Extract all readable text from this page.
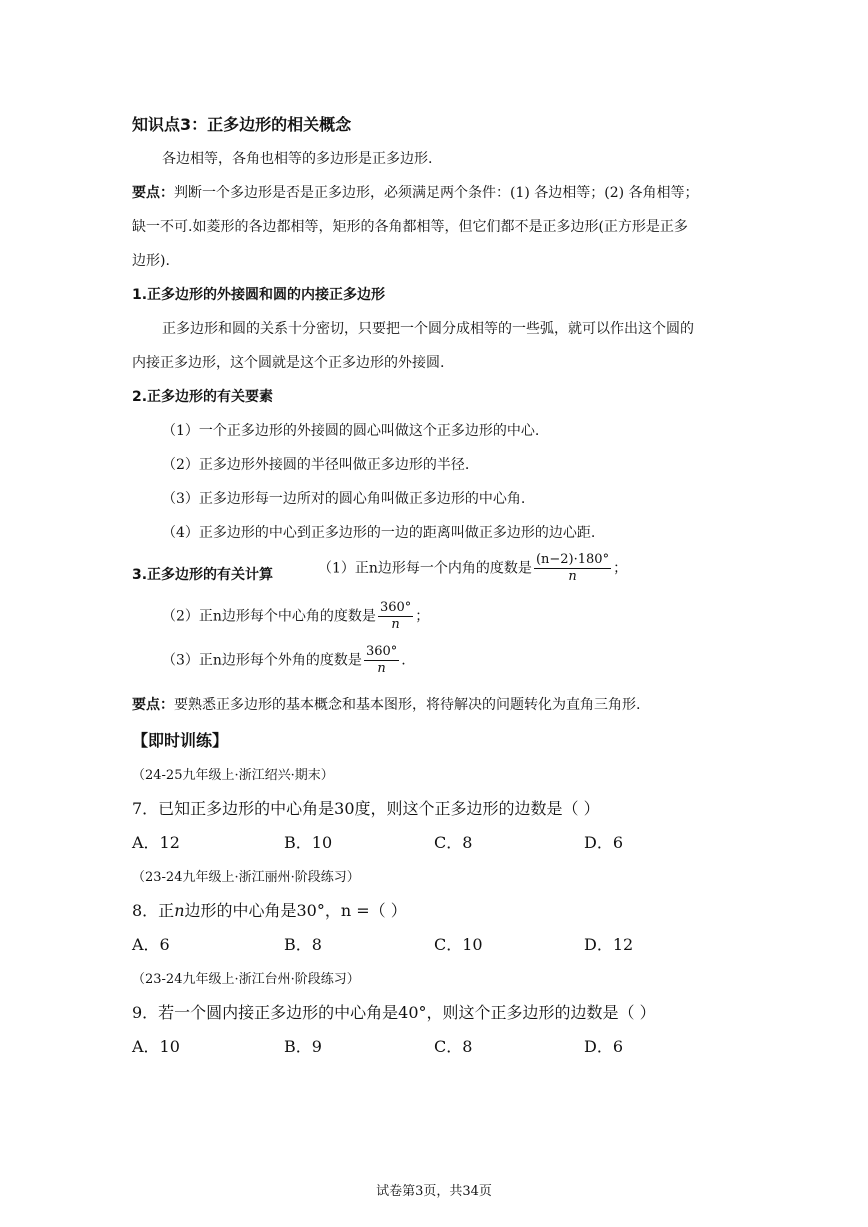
知识点3：正多边形的相关概念
各边相等，各角也相等的多边形是正多边形.
要点：判断一个多边形是否是正多边形，必须满足两个条件：(1) 各边相等；(2) 各角相等；
缺一不可.如菱形的各边都相等，矩形的各角都相等，但它们都不是正多边形(正方形是正多
边形).
1.正多边形的外接圆和圆的内接正多边形
正多边形和圆的关系十分密切，只要把一个圆分成相等的一些弧，就可以作出这个圆的
内接正多边形，这个圆就是这个正多边形的外接圆.
2.正多边形的有关要素
（1）一个正多边形的外接圆的圆心叫做这个正多边形的中心.
（2）正多边形外接圆的半径叫做正多边形的半径.
（3）正多边形每一边所对的圆心角叫做正多边形的中心角.
（4）正多边形的中心到正多边形的一边的距离叫做正多边形的边心距.
3.正多边形的有关计算	（1）正n边形每一个内角的度数是 $\frac{(n-2)\cdot 180^\circ}{n}$ ；
（2）正n边形每个中心角的度数是 $\frac{360^\circ}{n}$ ；
（3）正n边形每个外角的度数是 $\frac{360^\circ}{n}$ .
要点：要熟悉正多边形的基本概念和基本图形，将待解决的问题转化为直角三角形.
【即时训练】
（24-25九年级上·浙江绍兴·期末）
7．已知正多边形的中心角是30度，则这个正多边形的边数是（ ）
A．12	B．10	C．8	D．6
（23-24九年级上·浙江丽州·阶段练习）
8．正n边形的中心角是30°，n =（ ）
A．6	B．8	C．10	D．12
（23-24九年级上·浙江台州·阶段练习）
9．若一个圆内接正多边形的中心角是40°，则这个正多边形的边数是（ ）
A．10	B．9	C．8	D．6
试卷第3页，共34页
